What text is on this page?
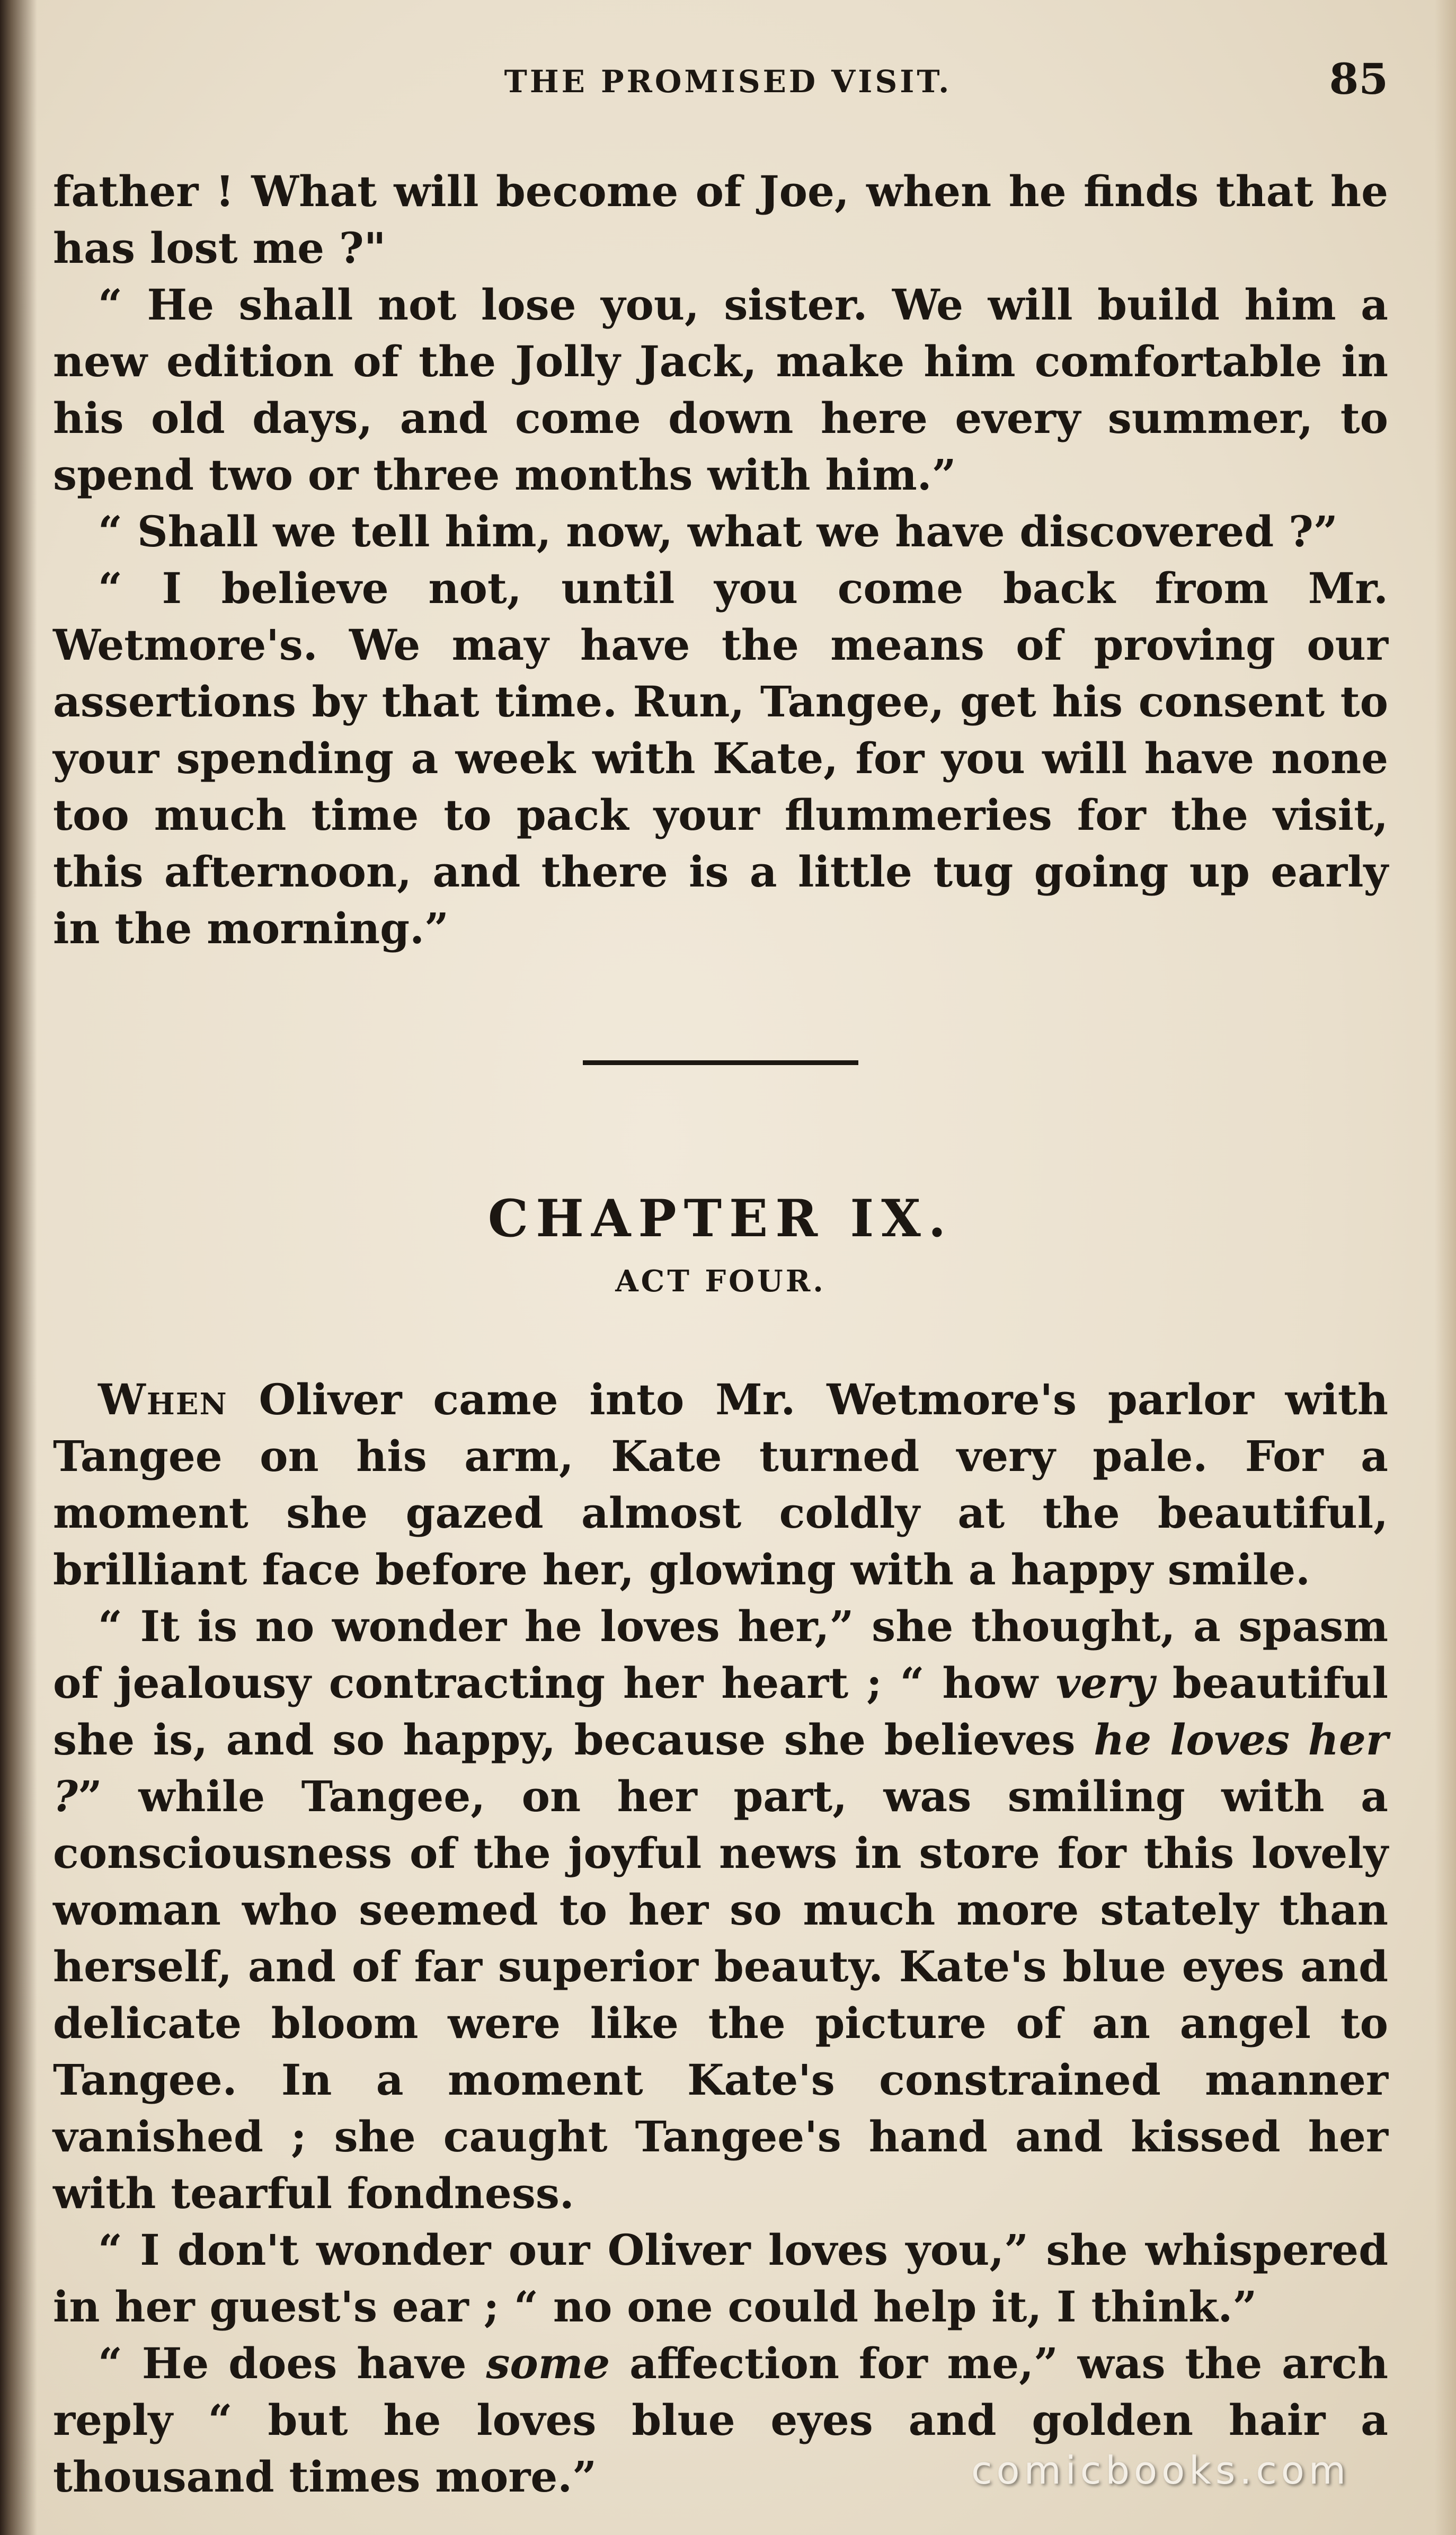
THE PROMISED VISIT.	85

father ! What will become of Joe, when he finds that he has lost me ?"

“ He shall not lose you, sister. We will build him a new edition of the Jolly Jack, make him comfortable in his old days, and come down here every summer, to spend two or three months with him.”

“ Shall we tell him, now, what we have discovered ?”

“ I believe not, until you come back from Mr. Wetmore's. We may have the means of proving our assertions by that time. Run, Tangee, get his consent to your spending a week with Kate, for you will have none too much time to pack your flummeries for the visit, this afternoon, and there is a little tug going up early in the morning.”

CHAPTER IX.
ACT FOUR.

When Oliver came into Mr. Wetmore's parlor with Tangee on his arm, Kate turned very pale. For a moment she gazed almost coldly at the beautiful, brilliant face before her, glowing with a happy smile.

“ It is no wonder he loves her,” she thought, a spasm of jealousy contracting her heart ; “ how very beautiful she is, and so happy, because she believes he loves her ?” while Tangee, on her part, was smiling with a consciousness of the joyful news in store for this lovely woman who seemed to her so much more stately than herself, and of far superior beauty. Kate's blue eyes and delicate bloom were like the picture of an angel to Tangee. In a moment Kate's constrained manner vanished ; she caught Tangee's hand and kissed her with tearful fondness.

“ I don't wonder our Oliver loves you,” she whispered in her guest's ear ; “ no one could help it, I think.”

“ He does have some affection for me,” was the arch reply “ but he loves blue eyes and golden hair a thousand times more.”	comicbooks.com
